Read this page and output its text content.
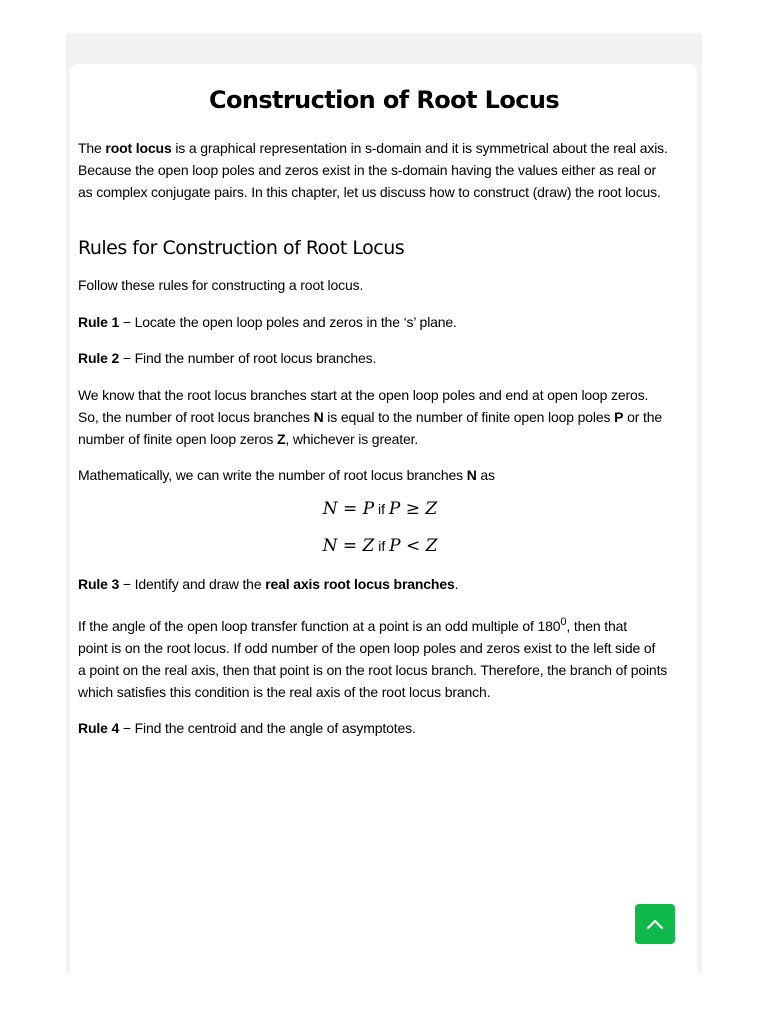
Construction of Root Locus

The root locus is a graphical representation in s-domain and it is symmetrical about the real axis.
Because the open loop poles and zeros exist in the s-domain having the values either as real or
as complex conjugate pairs. In this chapter, let us discuss how to construct (draw) the root locus.

Rules for Construction of Root Locus

Follow these rules for constructing a root locus.

Rule 1 − Locate the open loop poles and zeros in the ‘s’ plane.

Rule 2 − Find the number of root locus branches.

We know that the root locus branches start at the open loop poles and end at open loop zeros.
So, the number of root locus branches N is equal to the number of finite open loop poles P or the
number of finite open loop zeros Z, whichever is greater.

Mathematically, we can write the number of root locus branches N as

N = P if P ≥ Z
N = Z if P < Z

Rule 3 − Identify and draw the real axis root locus branches.

If the angle of the open loop transfer function at a point is an odd multiple of $180^0$, then that
point is on the root locus. If odd number of the open loop poles and zeros exist to the left side of
a point on the real axis, then that point is on the root locus branch. Therefore, the branch of points
which satisfies this condition is the real axis of the root locus branch.

Rule 4 − Find the centroid and the angle of asymptotes.
